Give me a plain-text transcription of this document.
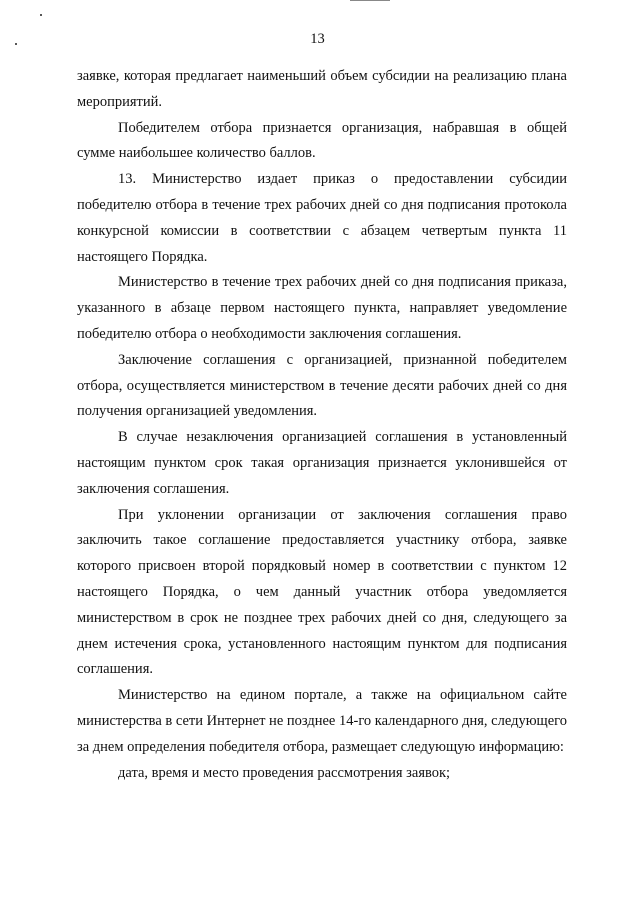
13

заявке, которая предлагает наименьший объем субсидии на реализацию плана мероприятий.

Победителем отбора признается организация, набравшая в общей сумме наибольшее количество баллов.

13. Министерство издает приказ о предоставлении субсидии победителю отбора в течение трех рабочих дней со дня подписания протокола конкурсной комиссии в соответствии с абзацем четвертым пункта 11 настоящего Порядка.

Министерство в течение трех рабочих дней со дня подписания приказа, указанного в абзаце первом настоящего пункта, направляет уведомление победителю отбора о необходимости заключения соглашения.

Заключение соглашения с организацией, признанной победителем отбора, осуществляется министерством в течение десяти рабочих дней со дня получения организацией уведомления.

В случае незаключения организацией соглашения в установленный настоящим пунктом срок такая организация признается уклонившейся от заключения соглашения.

При уклонении организации от заключения соглашения право заключить такое соглашение предоставляется участнику отбора, заявке которого присвоен второй порядковый номер в соответствии с пунктом 12 настоящего Порядка, о чем данный участник отбора уведомляется министерством в срок не позднее трех рабочих дней со дня, следующего за днем истечения срока, установленного настоящим пунктом для подписания соглашения.

Министерство на едином портале, а также на официальном сайте министерства в сети Интернет не позднее 14-го календарного дня, следующего за днем определения победителя отбора, размещает следующую информацию:

дата, время и место проведения рассмотрения заявок;
